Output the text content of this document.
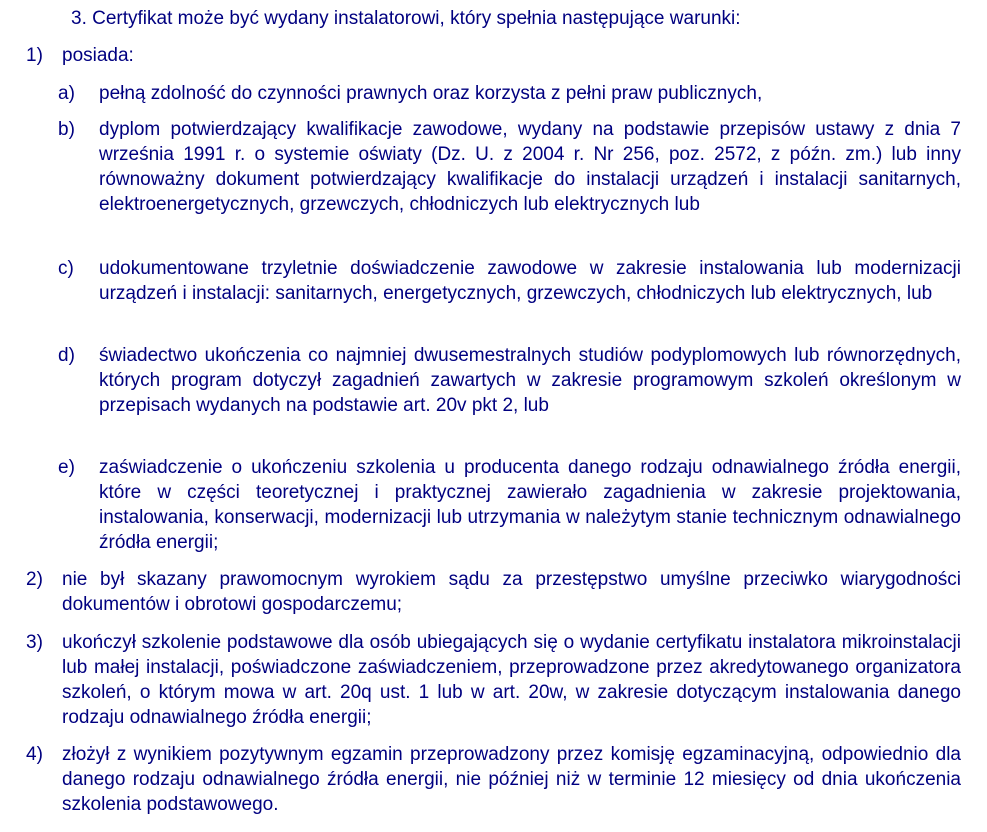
3. Certyfikat może być wydany instalatorowi, który spełnia następujące warunki:
1) posiada:

a) pełną zdolność do czynności prawnych oraz korzysta z pełni praw publicznych,

b) dyplom potwierdzający kwalifikacje zawodowe, wydany na podstawie przepisów ustawy z dnia 7 września 1991 r. o systemie oświaty (Dz. U. z 2004 r. Nr 256, poz. 2572, z późn. zm.) lub inny równoważny dokument potwierdzający kwalifikacje do instalacji urządzeń i instalacji sanitarnych, elektroenergetycznych, grzewczych, chłodniczych lub elektrycznych lub

c) udokumentowane trzyletnie doświadczenie zawodowe w zakresie instalowania lub modernizacji urządzeń i instalacji: sanitarnych, energetycznych, grzewczych, chłodniczych lub elektrycznych, lub

d) świadectwo ukończenia co najmniej dwusemestralnych studiów podyplomowych lub równorzędnych, których program dotyczył zagadnień zawartych w zakresie programowym szkoleń określonym w przepisach wydanych na podstawie art. 20v pkt 2, lub

e) zaświadczenie o ukończeniu szkolenia u producenta danego rodzaju odnawialnego źródła energii, które w części teoretycznej i praktycznej zawierało zagadnienia w zakresie projektowania, instalowania, konserwacji, modernizacji lub utrzymania w należytym stanie technicznym odnawialnego źródła energii;

2) nie był skazany prawomocnym wyrokiem sądu za przestępstwo umyślne przeciwko wiarygodności dokumentów i obrotowi gospodarczemu;

3) ukończył szkolenie podstawowe dla osób ubiegających się o wydanie certyfikatu instalatora mikroinstalacji lub małej instalacji, poświadczone zaświadczeniem, przeprowadzone przez akredytowanego organizatora szkoleń, o którym mowa w art. 20q ust. 1 lub w art. 20w, w zakresie dotyczącym instalowania danego rodzaju odnawialnego źródła energii;

4) złożył z wynikiem pozytywnym egzamin przeprowadzony przez komisję egzaminacyjną, odpowiednio dla danego rodzaju odnawialnego źródła energii, nie później niż w terminie 12 miesięcy od dnia ukończenia szkolenia podstawowego.
